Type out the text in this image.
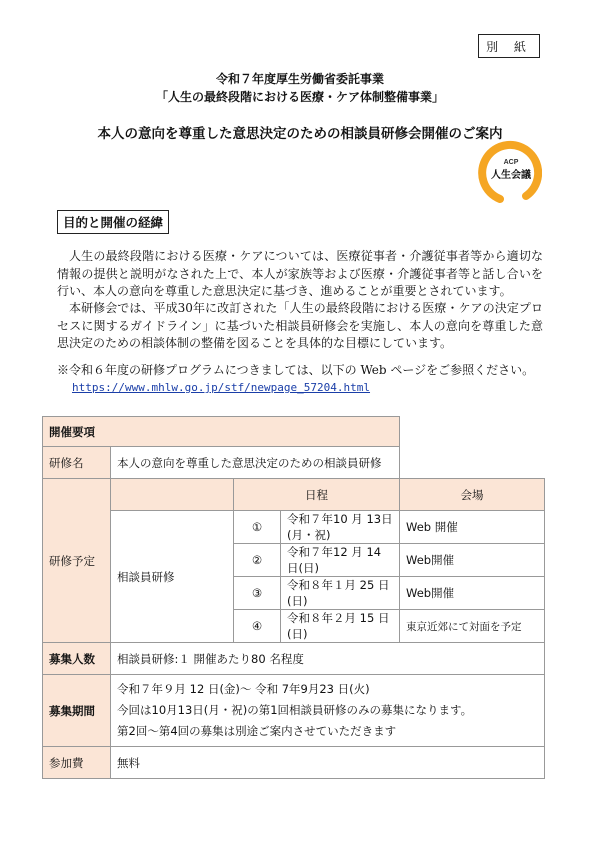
別 紙
令和７年度厚生労働省委託事業
「人生の最終段階における医療・ケア体制整備事業」
本人の意向を尊重した意思決定のための相談員研修会開催のご案内
ACP
人生会議
目的と開催の経緯
人生の最終段階における医療・ケアについては、医療従事者・介護従事者等から適切な情報の提供と説明がなされた上で、本人が家族等および医療・介護従事者等と話し合いを行い、本人の意向を尊重した意思決定に基づき、進めることが重要とされています。
本研修会では、平成30年に改訂された「人生の最終段階における医療・ケアの決定プロセスに関するガイドライン」に基づいた相談員研修会を実施し、本人の意向を尊重した意思決定のための相談体制の整備を図ることを具体的な目標にしています。
※令和６年度の研修プログラムにつきましては、以下の Web ページをご参照ください。
https://www.mhlw.go.jp/stf/newpage_57204.html
開催要項				
研修名	本人の意向を尊重した意思決定のための相談員研修			
研修予定		日程		会場
	相談員研修	①	令和７年10 月 13日(月・祝)	Web 開催
		②	令和７年12 月 14 日(日)	Web開催
		③	令和８年１月 25 日(日)	Web開催
		④	令和８年２月 15 日(日)	東京近郊にて対面を予定
募集人数	相談員研修:１ 開催あたり80 名程度			
募集期間	令和７年９月 12 日(金)～ 令和 7年9月23 日(火)
今回は10月13日(月・祝)の第1回相談員研修のみの募集になります。
第2回～第4回の募集は別途ご案内させていただきます			

参加費	無料			
